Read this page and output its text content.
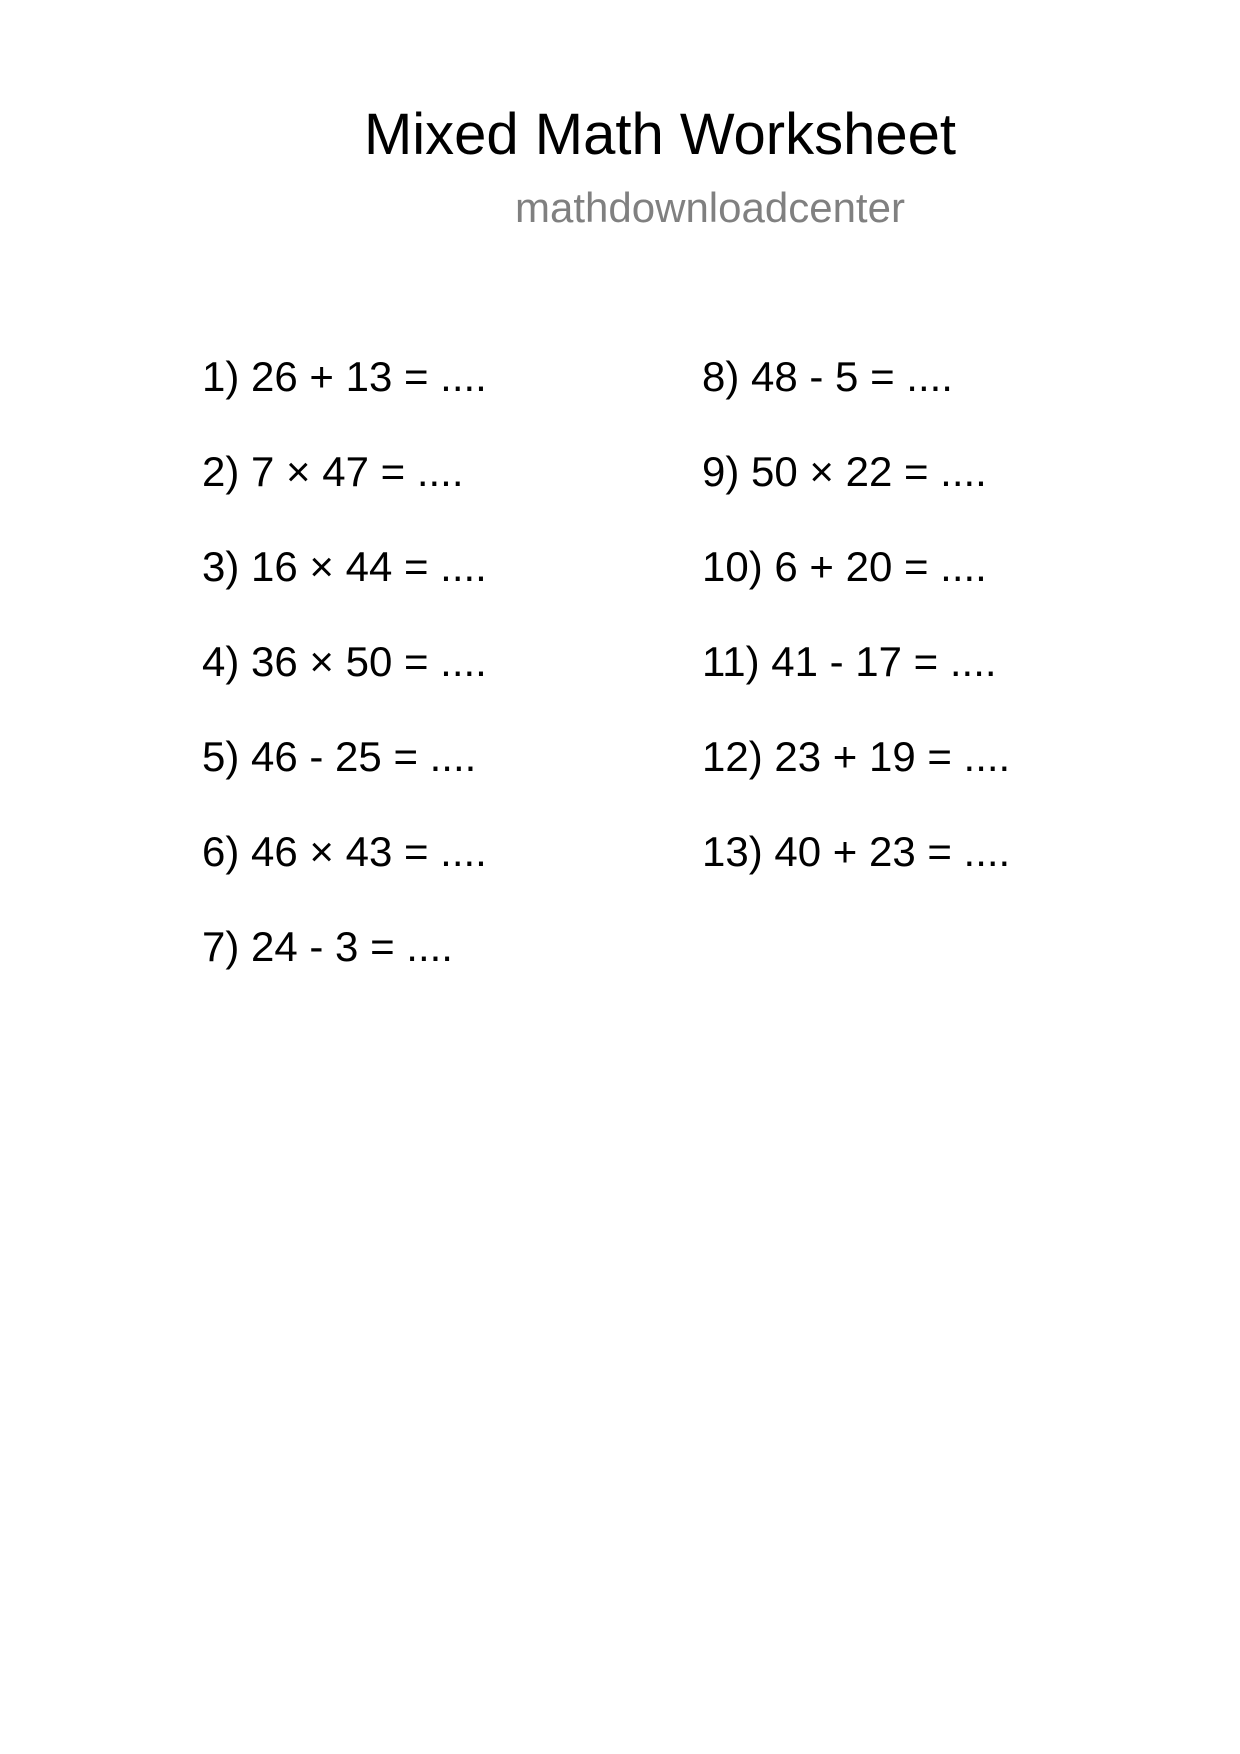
Mixed Math Worksheet
mathdownloadcenter
1) 26 + 13 = ....
2) 7 × 47 = ....
3) 16 × 44 = ....
4) 36 × 50 = ....
5) 46 - 25 = ....
6) 46 × 43 = ....
7) 24 - 3 = ....
8) 48 - 5 = ....
9) 50 × 22 = ....
10) 6 + 20 = ....
11) 41 - 17 = ....
12) 23 + 19 = ....
13) 40 + 23 = ....
